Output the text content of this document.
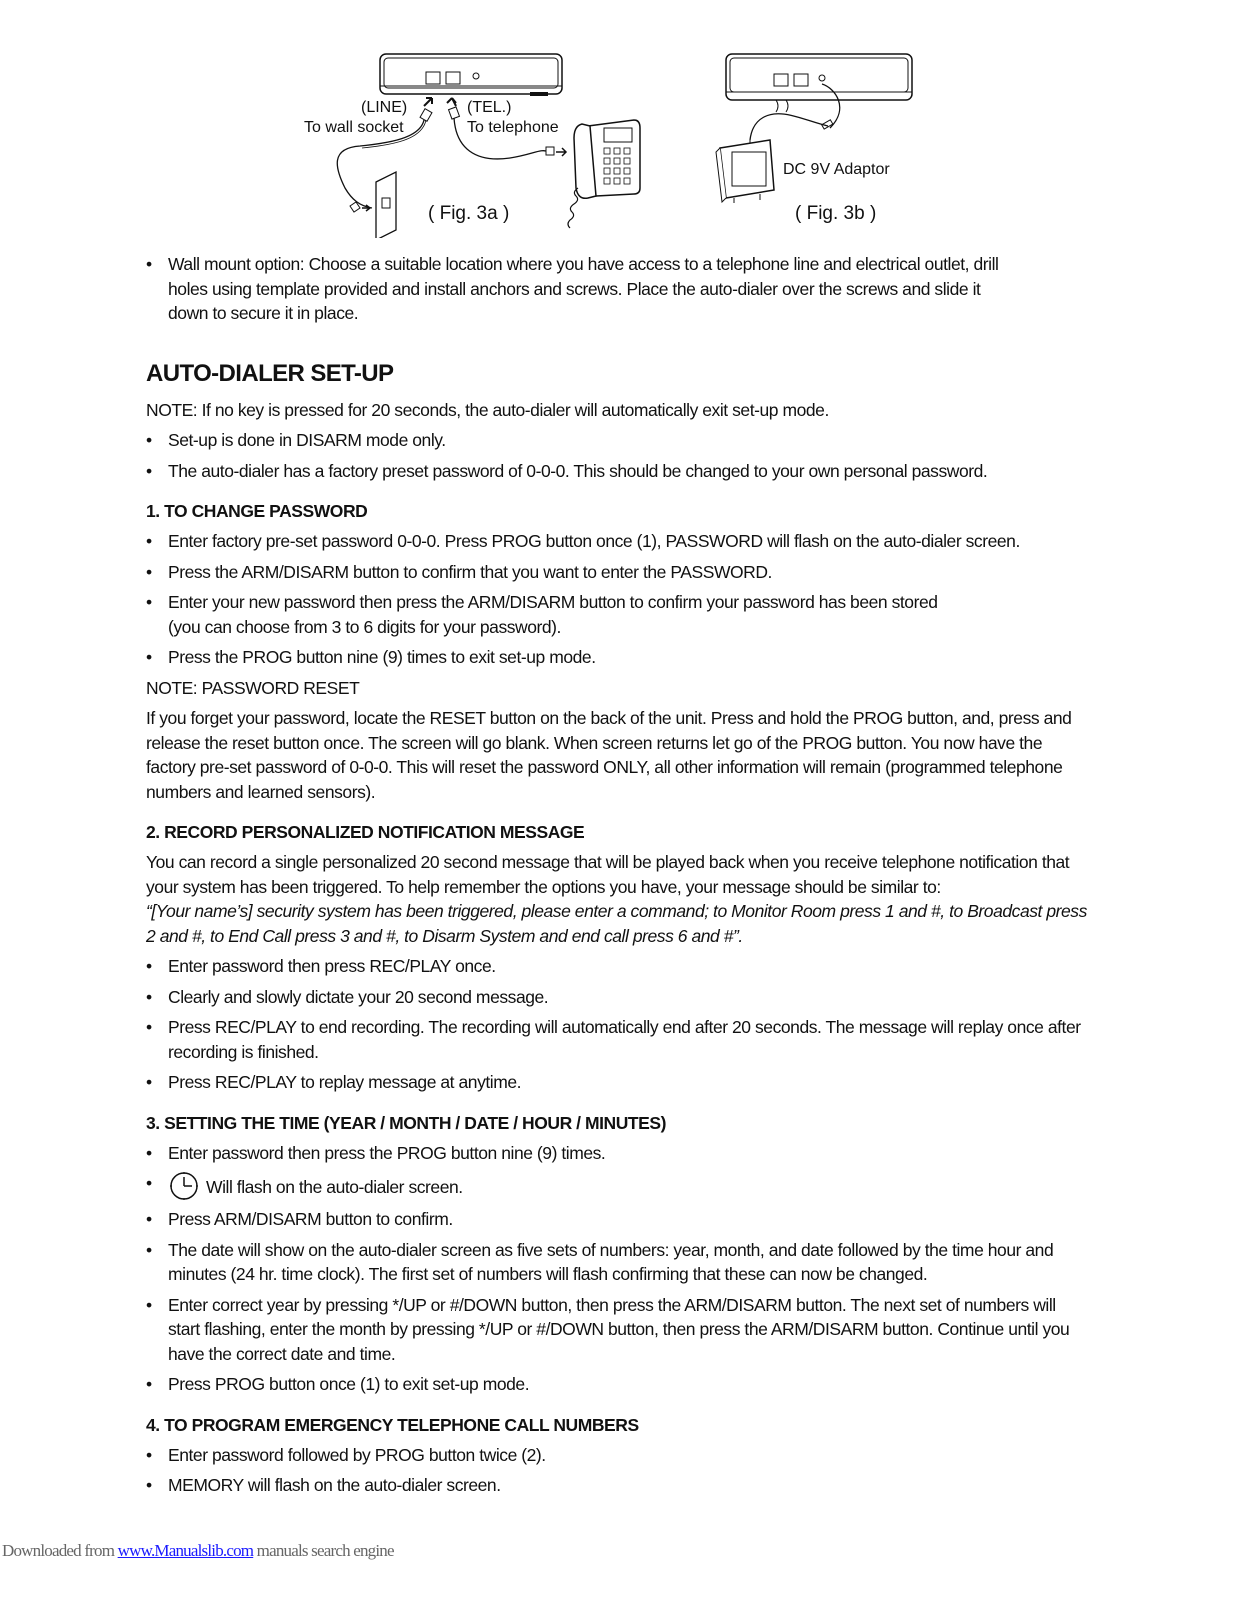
(LINE)	(TEL.)
To wall socket	To telephone
( Fig. 3a )
DC 9V Adaptor
( Fig. 3b )
• Wall mount option: Choose a suitable location where you have access to a telephone line and electrical outlet, drill holes using template provided and install anchors and screws. Place the auto-dialer over the screws and slide it down to secure it in place.
AUTO-DIALER SET-UP
NOTE: If no key is pressed for 20 seconds, the auto-dialer will automatically exit set-up mode.
• Set-up is done in DISARM mode only.
• The auto-dialer has a factory preset password of 0-0-0. This should be changed to your own personal password.
1. TO CHANGE PASSWORD
• Enter factory pre-set password 0-0-0. Press PROG button once (1), PASSWORD will flash on the auto-dialer screen.
• Press the ARM/DISARM button to confirm that you want to enter the PASSWORD.
• Enter your new password then press the ARM/DISARM button to confirm your password has been stored (you can choose from 3 to 6 digits for your password).
• Press the PROG button nine (9) times to exit set-up mode.
NOTE: PASSWORD RESET
If you forget your password, locate the RESET button on the back of the unit. Press and hold the PROG button, and, press and release the reset button once. The screen will go blank. When screen returns let go of the PROG button. You now have the factory pre-set password of 0-0-0. This will reset the password ONLY, all other information will remain (programmed telephone numbers and learned sensors).
2. RECORD PERSONALIZED NOTIFICATION MESSAGE
You can record a single personalized 20 second message that will be played back when you receive telephone notification that your system has been triggered. To help remember the options you have, your message should be similar to:
“[Your name’s] security system has been triggered, please enter a command; to Monitor Room press 1 and #, to Broadcast press 2 and #, to End Call press 3 and #, to Disarm System and end call press 6 and #”.
• Enter password then press REC/PLAY once.
• Clearly and slowly dictate your 20 second message.
• Press REC/PLAY to end recording. The recording will automatically end after 20 seconds. The message will replay once after recording is finished.
• Press REC/PLAY to replay message at anytime.
3. SETTING THE TIME (YEAR / MONTH / DATE / HOUR / MINUTES)
• Enter password then press the PROG button nine (9) times.
• Will flash on the auto-dialer screen.
• Press ARM/DISARM button to confirm.
• The date will show on the auto-dialer screen as five sets of numbers: year, month, and date followed by the time hour and minutes (24 hr. time clock). The first set of numbers will flash confirming that these can now be changed.
• Enter correct year by pressing */UP or #/DOWN button, then press the ARM/DISARM button. The next set of numbers will start flashing, enter the month by pressing */UP or #/DOWN button, then press the ARM/DISARM button. Continue until you have the correct date and time.
• Press PROG button once (1) to exit set-up mode.
4. TO PROGRAM EMERGENCY TELEPHONE CALL NUMBERS
• Enter password followed by PROG button twice (2).
• MEMORY will flash on the auto-dialer screen.
Downloaded from www.Manualslib.com manuals search engine
